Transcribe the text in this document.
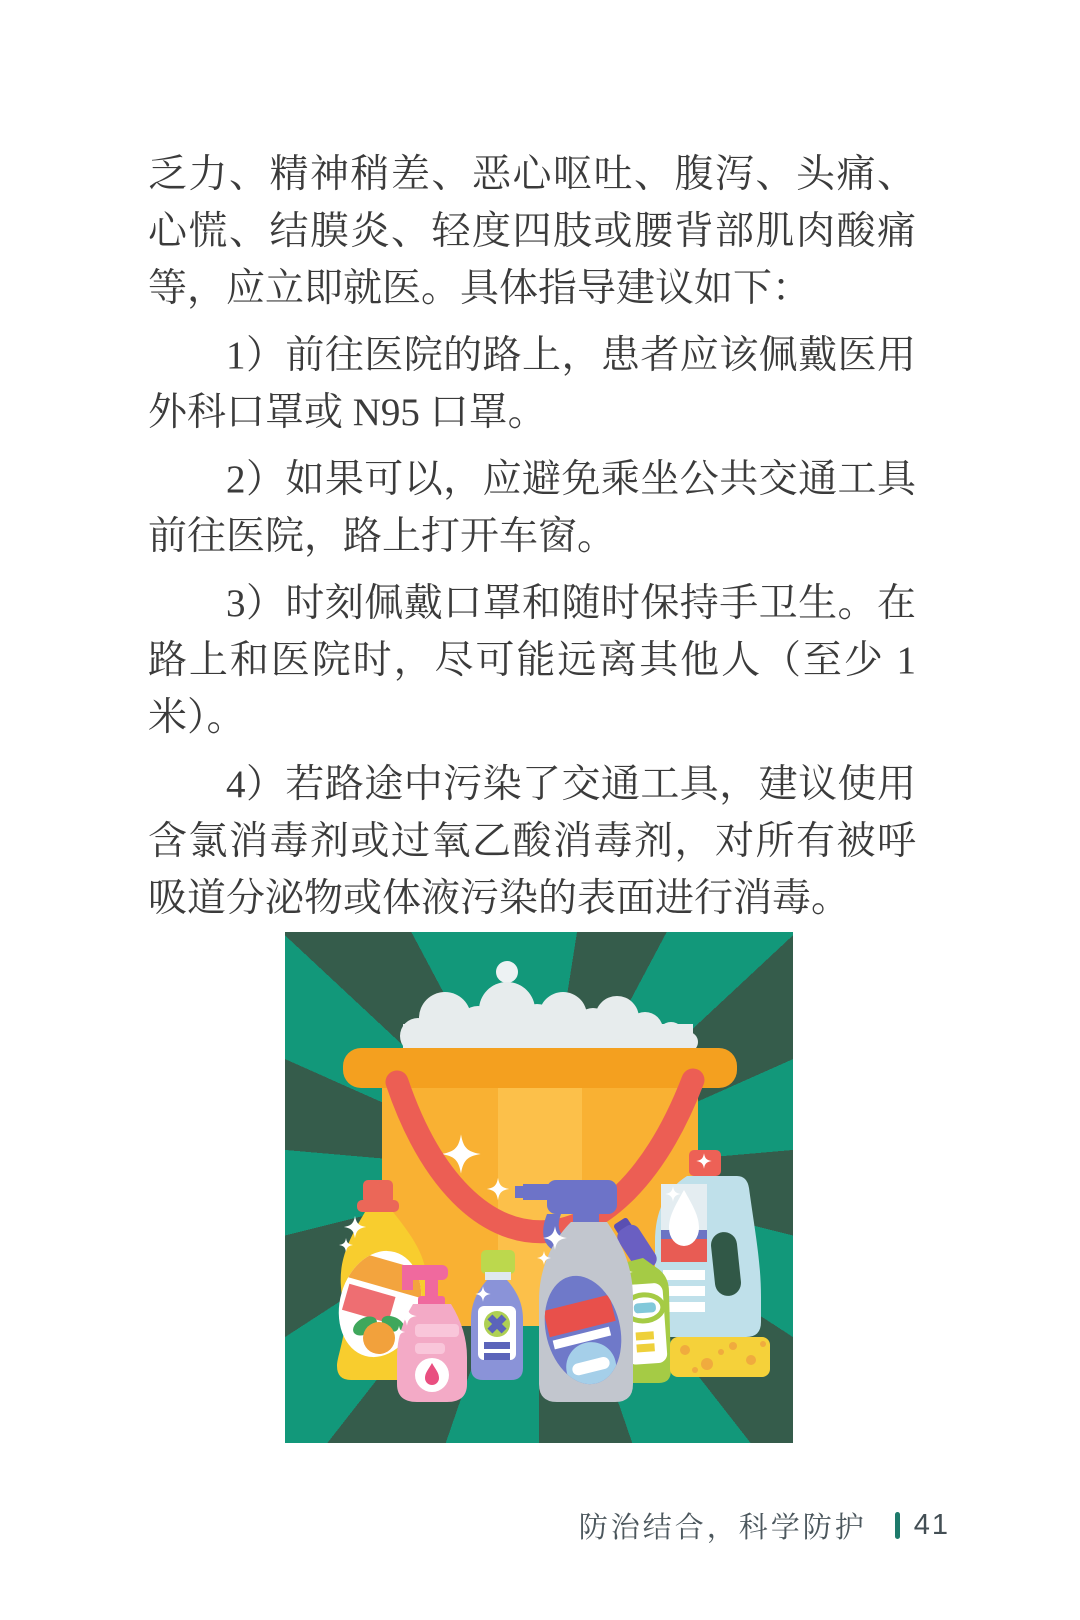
乏力、精神稍差、恶心呕吐、腹泻、头痛、心慌、结膜炎、轻度四肢或腰背部肌肉酸痛等，应立即就医。具体指导建议如下：

1）前往医院的路上，患者应该佩戴医用外科口罩或 N95 口罩。

2）如果可以，应避免乘坐公共交通工具前往医院，路上打开车窗。

3）时刻佩戴口罩和随时保持手卫生。在路上和医院时，尽可能远离其他人（至少 1 米）。

4）若路途中污染了交通工具，建议使用含氯消毒剂或过氧乙酸消毒剂，对所有被呼吸道分泌物或体液污染的表面进行消毒。

防治结合，科学防护 41
